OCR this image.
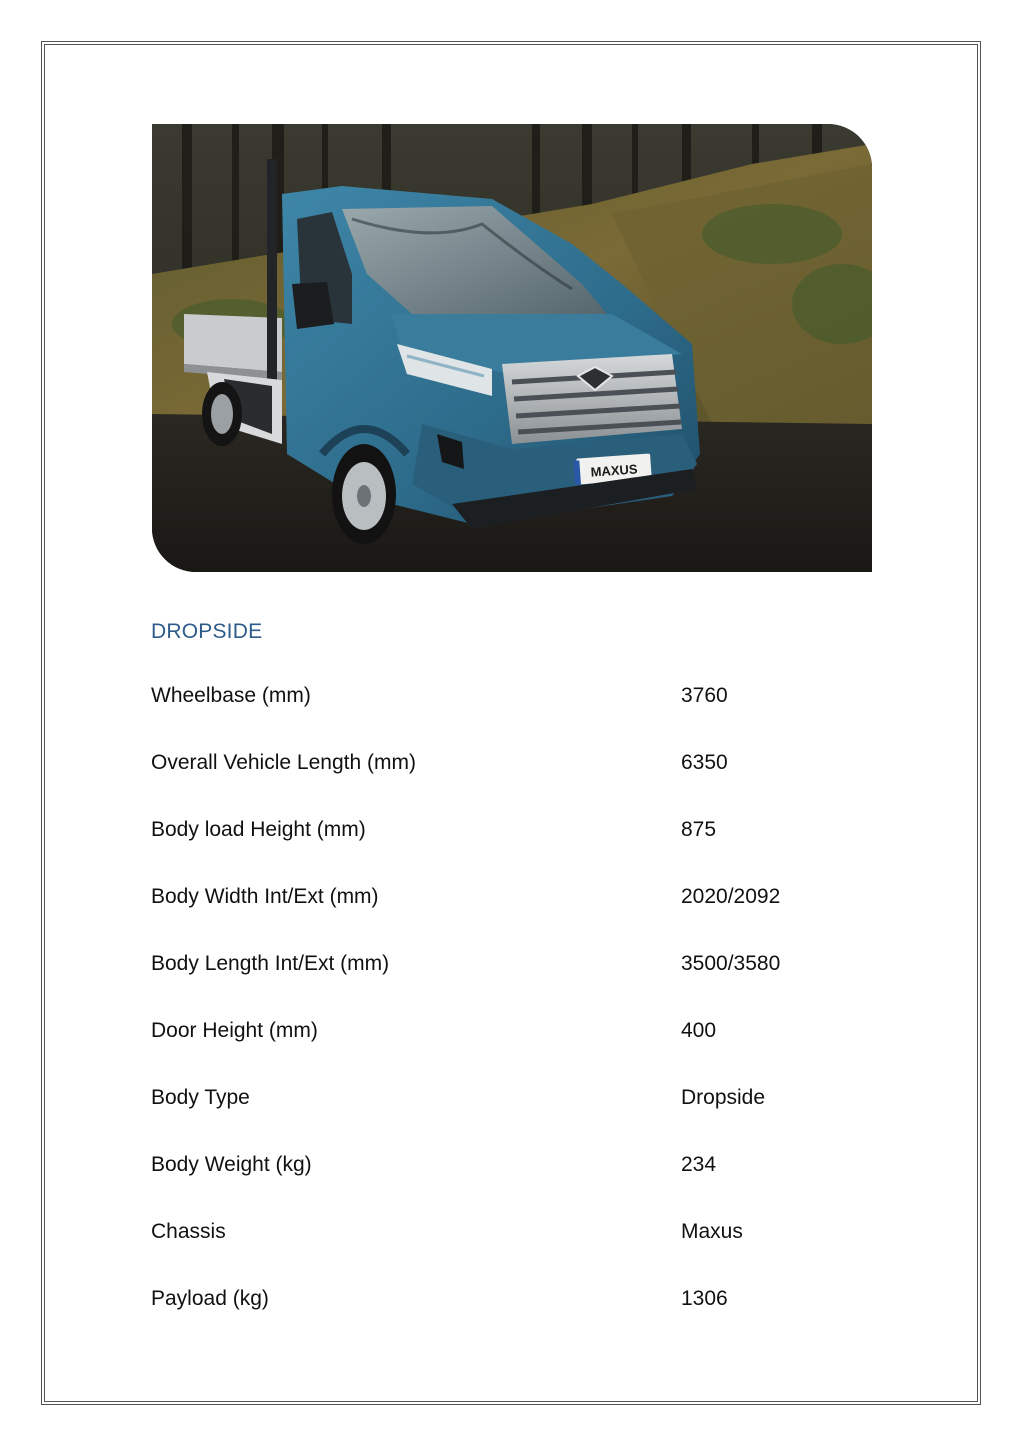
MAXUS
DROPSIDE
Wheelbase (mm)	3760
Overall Vehicle Length (mm)	6350
Body load Height (mm)	875
Body Width Int/Ext (mm)	2020/2092
Body Length Int/Ext (mm)	3500/3580
Door Height (mm)	400
Body Type	Dropside
Body Weight (kg)	234
Chassis	Maxus
Payload (kg)	1306
